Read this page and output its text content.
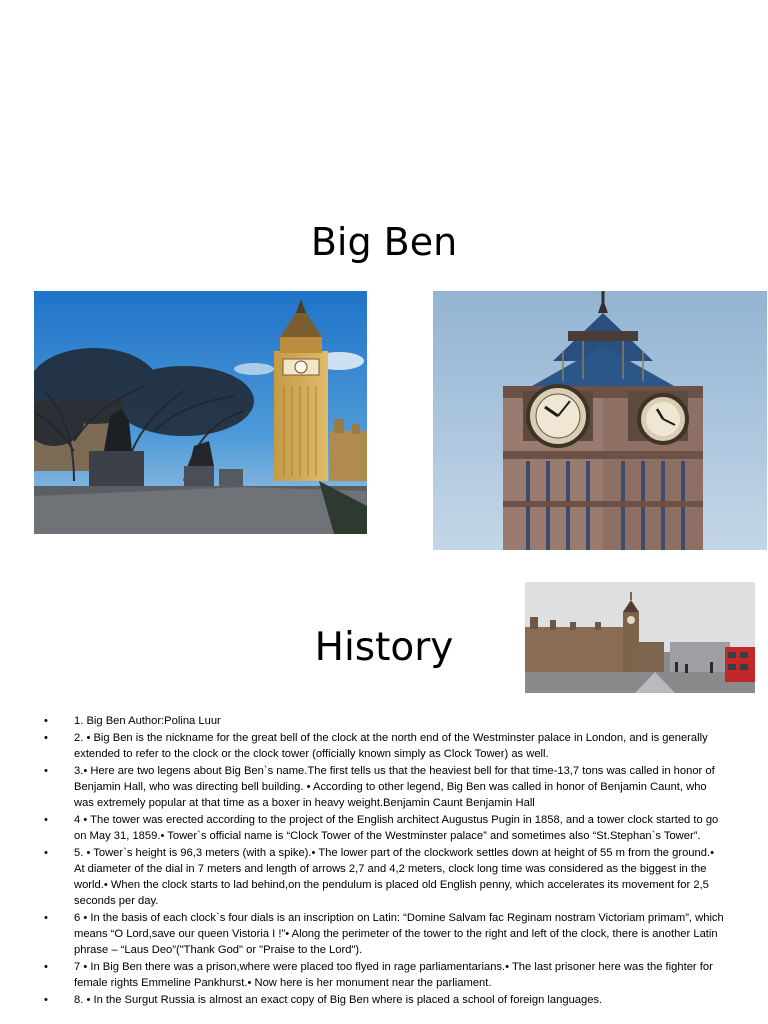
Big Ben
History
•	1. Big Ben Author:Polina Luur
•	2. • Big Ben is the nickname for the great bell of the clock at the north end of the Westminster palace in London, and is generally extended to refer to the clock or the clock tower (officially known simply as Clock Tower) as well.
•	3.• Here are two legens about Big Ben`s name.The first tells us that the heaviest bell for that time-13,7 tons was called in honor of Benjamin Hall, who was directing bell building. • According to other legend, Big Ben was called in honor of Benjamin Caunt, who was extremely popular at that time as a boxer in heavy weight.Benjamin Caunt Benjamin Hall
•	4 • The tower was erected according to the project of the English architect Augustus Pugin in 1858, and a tower clock started to go on May 31, 1859.• Tower`s official name is “Clock Tower of the Westminster palace” and sometimes also “St.Stephan`s Tower”.
•	5. • Tower`s height is 96,3 meters (with a spike).• The lower part of the clockwork settles down at height of 55 m from the ground.• At diameter of the dial in 7 meters and length of arrows 2,7 and 4,2 meters, clock long time was considered as the biggest in the world.• When the clock starts to lad behind,on the pendulum is placed old English penny, which accelerates its movement for 2,5 seconds per day.
•	6 • In the basis of each clock`s four dials is an inscription on Latin: “Domine Salvam fac Reginam nostram Victoriam primam”, which means “O Lord,save our queen Vistoria I !”• Along the perimeter of the tower to the right and left of the clock, there is another Latin phrase – “Laus Deo”("Thank God" or "Praise to the Lord").
•	7 • In Big Ben there was a prison,where were placed too flyed in rage parliamentarians.• The last prisoner here was the fighter for female rights Emmeline Pankhurst.• Now here is her monument near the parliament.
•	8. • In the Surgut Russia is almost an exact copy of Big Ben where is placed a school of foreign languages.
